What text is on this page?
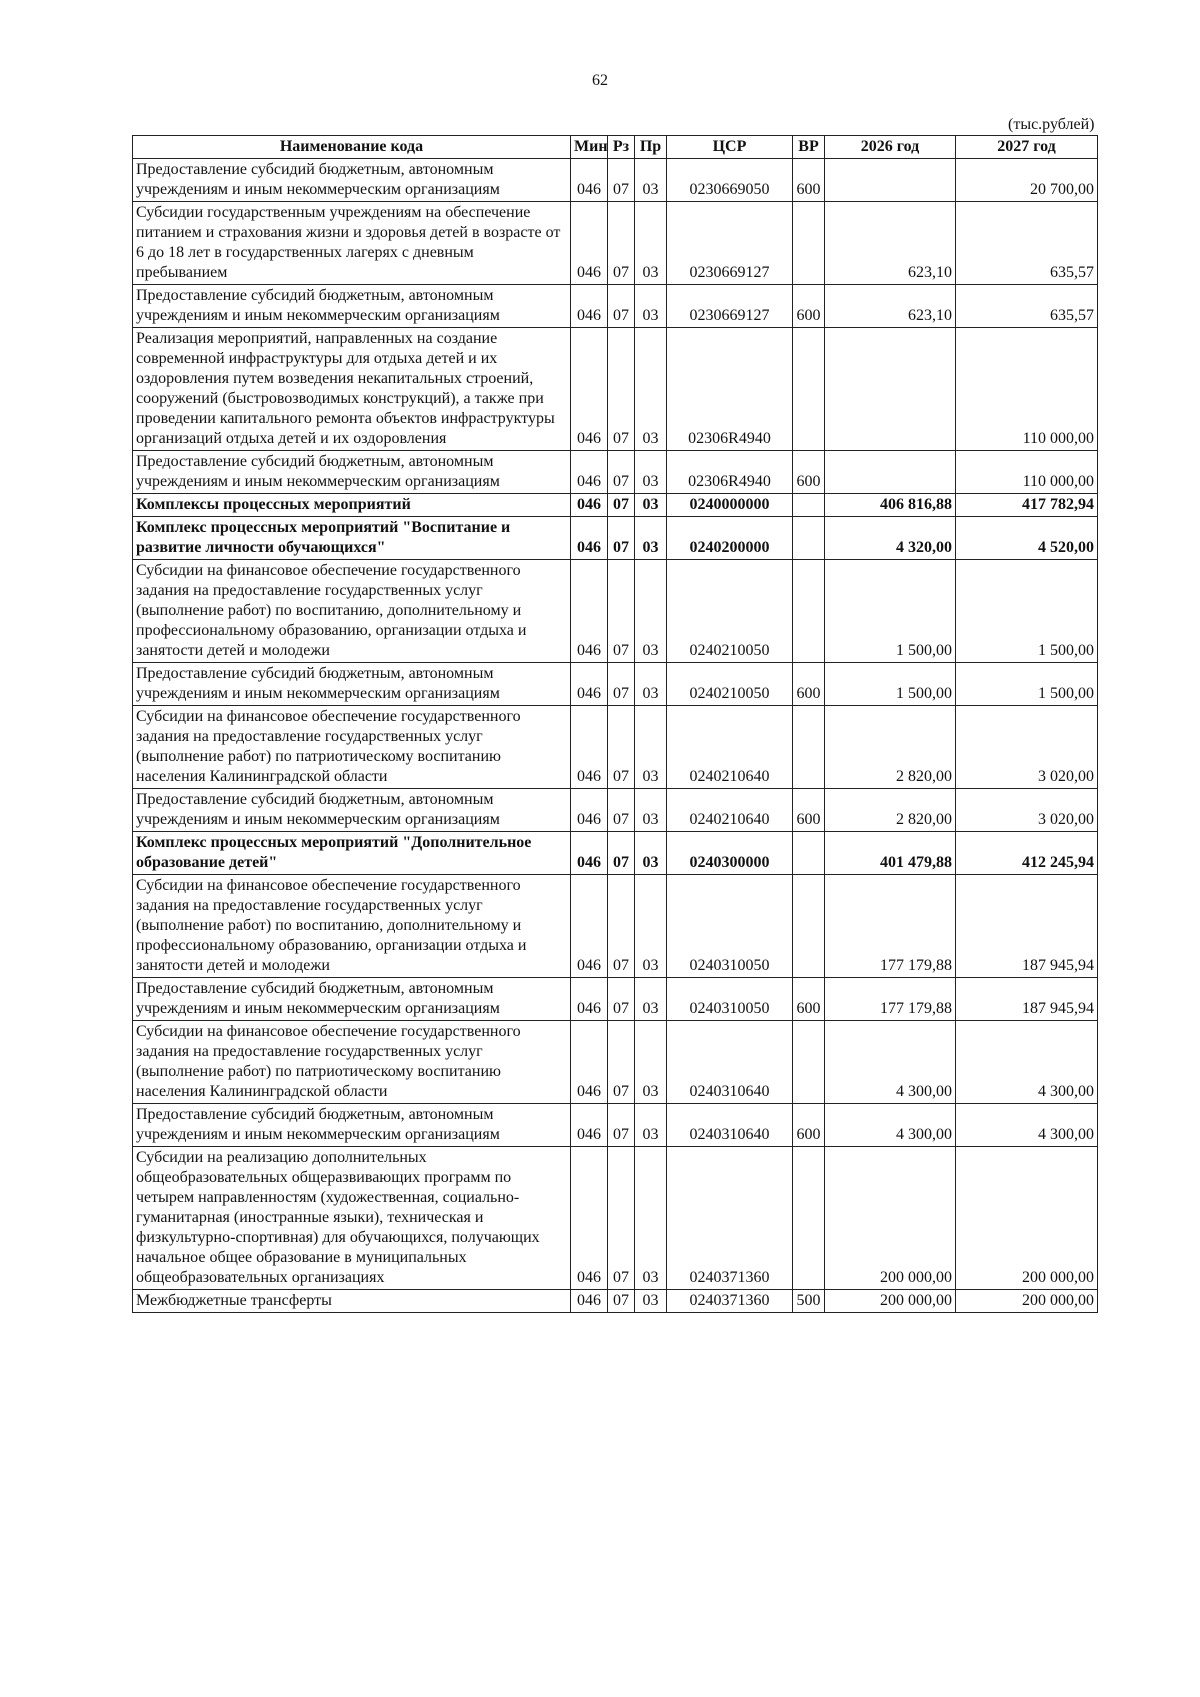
62
(тыс.рублей)
Наименование кода	Мин	Рз	Пр	ЦСР	ВР	2026 год	2027 год
Предоставление субсидий бюджетным, автономным учреждениям и иным некоммерческим организациям	046	07	03	0230669050	600		20 700,00
Субсидии государственным учреждениям на обеспечение питанием и страхования жизни и здоровья детей в возрасте от 6 до 18 лет в государственных лагерях с дневным пребыванием	046	07	03	0230669127		623,10	635,57
Предоставление субсидий бюджетным, автономным учреждениям и иным некоммерческим организациям	046	07	03	0230669127	600	623,10	635,57
Реализация мероприятий, направленных на создание современной инфраструктуры для отдыха детей и их оздоровления путем возведения некапитальных строений, сооружений (быстровозводимых конструкций), а также при проведении капитального ремонта объектов инфраструктуры организаций отдыха детей и их оздоровления	046	07	03	02306R4940			110 000,00
Предоставление субсидий бюджетным, автономным учреждениям и иным некоммерческим организациям	046	07	03	02306R4940	600		110 000,00
Комплексы процессных мероприятий	046	07	03	0240000000		406 816,88	417 782,94
Комплекс процессных мероприятий "Воспитание и развитие личности обучающихся"	046	07	03	0240200000		4 320,00	4 520,00
Субсидии на финансовое обеспечение государственного задания на предоставление государственных услуг (выполнение работ) по воспитанию, дополнительному и профессиональному образованию, организации отдыха и занятости детей и молодежи	046	07	03	0240210050		1 500,00	1 500,00
Предоставление субсидий бюджетным, автономным учреждениям и иным некоммерческим организациям	046	07	03	0240210050	600	1 500,00	1 500,00
Субсидии на финансовое обеспечение государственного задания на предоставление государственных услуг (выполнение работ) по патриотическому воспитанию населения Калининградской области	046	07	03	0240210640		2 820,00	3 020,00
Предоставление субсидий бюджетным, автономным учреждениям и иным некоммерческим организациям	046	07	03	0240210640	600	2 820,00	3 020,00
Комплекс процессных мероприятий "Дополнительное образование детей"	046	07	03	0240300000		401 479,88	412 245,94
Субсидии на финансовое обеспечение государственного задания на предоставление государственных услуг (выполнение работ) по воспитанию, дополнительному и профессиональному образованию, организации отдыха и занятости детей и молодежи	046	07	03	0240310050		177 179,88	187 945,94
Предоставление субсидий бюджетным, автономным учреждениям и иным некоммерческим организациям	046	07	03	0240310050	600	177 179,88	187 945,94
Субсидии на финансовое обеспечение государственного задания на предоставление государственных услуг (выполнение работ) по патриотическому воспитанию населения Калининградской области	046	07	03	0240310640		4 300,00	4 300,00
Предоставление субсидий бюджетным, автономным учреждениям и иным некоммерческим организациям	046	07	03	0240310640	600	4 300,00	4 300,00
Субсидии на реализацию дополнительных общеобразовательных общеразвивающих программ по четырем направленностям (художественная, социально-гуманитарная (иностранные языки), техническая и физкультурно-спортивная) для обучающихся, получающих начальное общее образование в муниципальных общеобразовательных организациях	046	07	03	0240371360		200 000,00	200 000,00
Межбюджетные трансферты	046	07	03	0240371360	500	200 000,00	200 000,00
